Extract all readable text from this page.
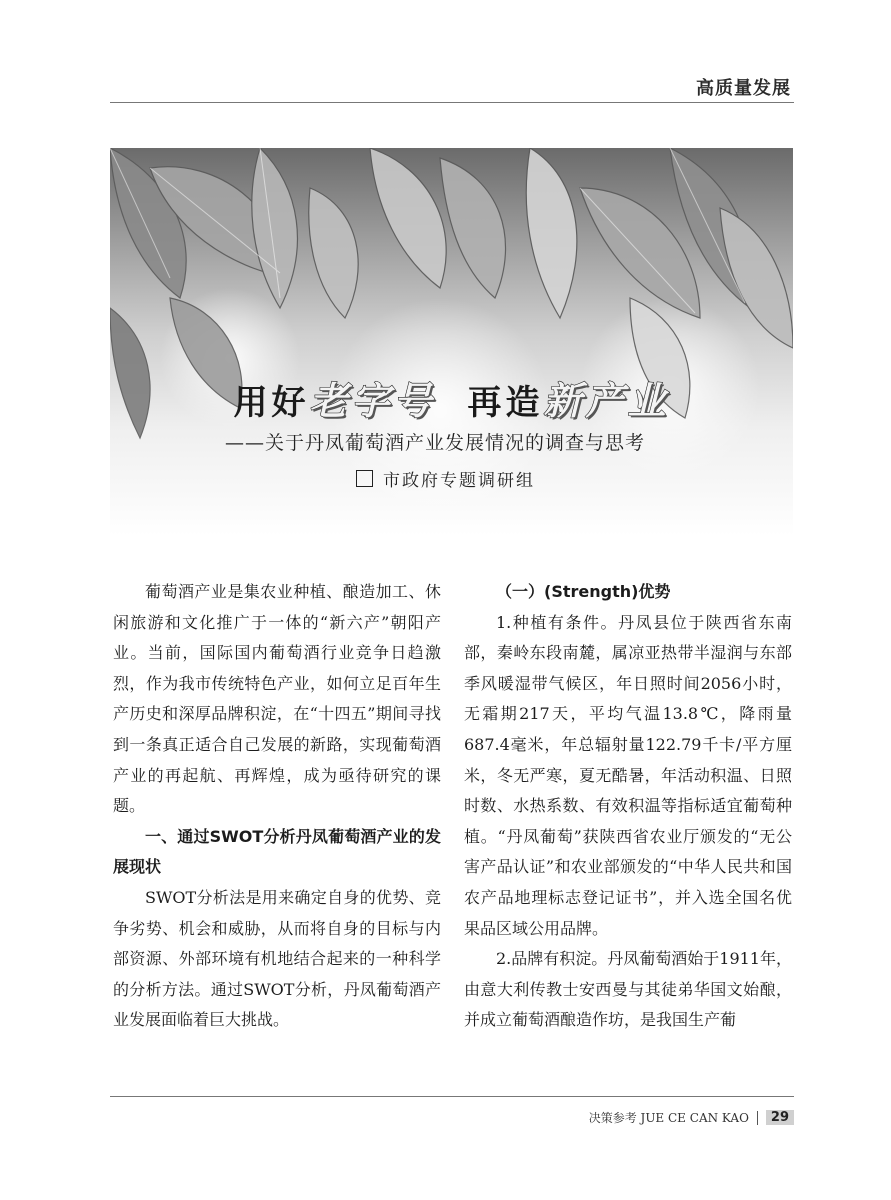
高质量发展
用好老字号 再造新产业
——关于丹凤葡萄酒产业发展情况的调查与思考
市政府专题调研组

葡萄酒产业是集农业种植、酿造加工、休闲旅游和文化推广于一体的“新六产”朝阳产业。当前，国际国内葡萄酒行业竞争日趋激烈，作为我市传统特色产业，如何立足百年生产历史和深厚品牌积淀，在“十四五”期间寻找到一条真正适合自己发展的新路，实现葡萄酒产业的再起航、再辉煌，成为亟待研究的课题。

一、通过SWOT分析丹凤葡萄酒产业的发展现状

SWOT分析法是用来确定自身的优势、竞争劣势、机会和威胁，从而将自身的目标与内部资源、外部环境有机地结合起来的一种科学的分析方法。通过SWOT分析，丹凤葡萄酒产业发展面临着巨大挑战。

（一）(Strength)优势

1.种植有条件。丹凤县位于陕西省东南部，秦岭东段南麓，属凉亚热带半湿润与东部季风暖湿带气候区，年日照时间2056小时，无霜期217天，平均气温13.8℃，降雨量687.4毫米，年总辐射量122.79千卡/平方厘米，冬无严寒，夏无酷暑，年活动积温、日照时数、水热系数、有效积温等指标适宜葡萄种植。“丹凤葡萄”获陕西省农业厅颁发的“无公害产品认证”和农业部颁发的“中华人民共和国农产品地理标志登记证书”，并入选全国名优果品区域公用品牌。

2.品牌有积淀。丹凤葡萄酒始于1911年，由意大利传教士安西曼与其徒弟华国文始酿，并成立葡萄酒酿造作坊，是我国生产葡

决策参考 JUE CE CAN KAO	29
